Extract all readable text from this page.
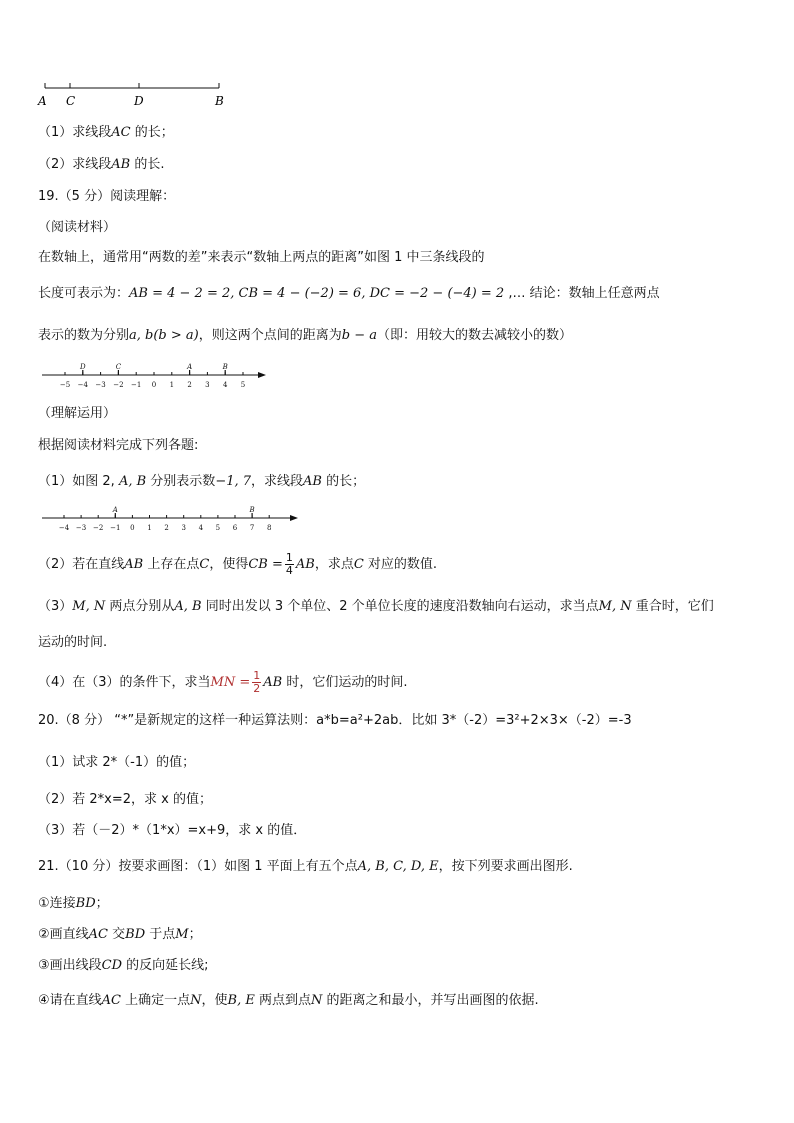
A C	D	B
（1）求线段AC 的长；
（2）求线段AB 的长.
19.（5 分）阅读理解：
（阅读材料）
在数轴上，通常用“两数的差”来表示“数轴上两点的距离”如图 1 中三条线段的
长度可表示为：AB = 4 − 2 = 2, CB = 4 − (−2) = 6, DC = −2 − (−4) = 2 ,… 结论：数轴上任意两点
表示的数为分别a, b(b > a)，则这两个点间的距离为b − a（即：用较大的数去减较小的数）
−5 −4 −3 −2 −1 0 1 2 3 4 5
D	C	A	B
（理解运用）
根据阅读材料完成下列各题:
（1）如图 2, A, B 分别表示数−1, 7，求线段AB 的长；
−4 −3 −2 −1 0 1 2 3 4 5 6 7 8
A	B
（2）若在直线AB 上存在点C，使得CB = $\frac{1}{4}$ AB，求点C 对应的数值.
（3）M, N 两点分别从A, B 同时出发以 3 个单位、2 个单位长度的速度沿数轴向右运动，求当点M, N 重合时，它们
运动的时间.
（4）在（3）的条件下，求当MN = $\frac{1}{2}$ AB 时，它们运动的时间.
20.（8 分） “*”是新规定的这样一种运算法则：a*b=a²+2ab．比如 3*（-2）=3²+2×3×（-2）=-3
（1）试求 2*（-1）的值；
（2）若 2*x=2，求 x 的值；
（3）若（－2）*（1*x）=x+9，求 x 的值．
21.（10 分）按要求画图：（1）如图 1 平面上有五个点A, B, C, D, E，按下列要求画出图形.
①连接BD；
②画直线AC 交BD 于点M；
③画出线段CD 的反向延长线;
④请在直线AC 上确定一点N，使B, E 两点到点N 的距离之和最小，并写出画图的依据.
